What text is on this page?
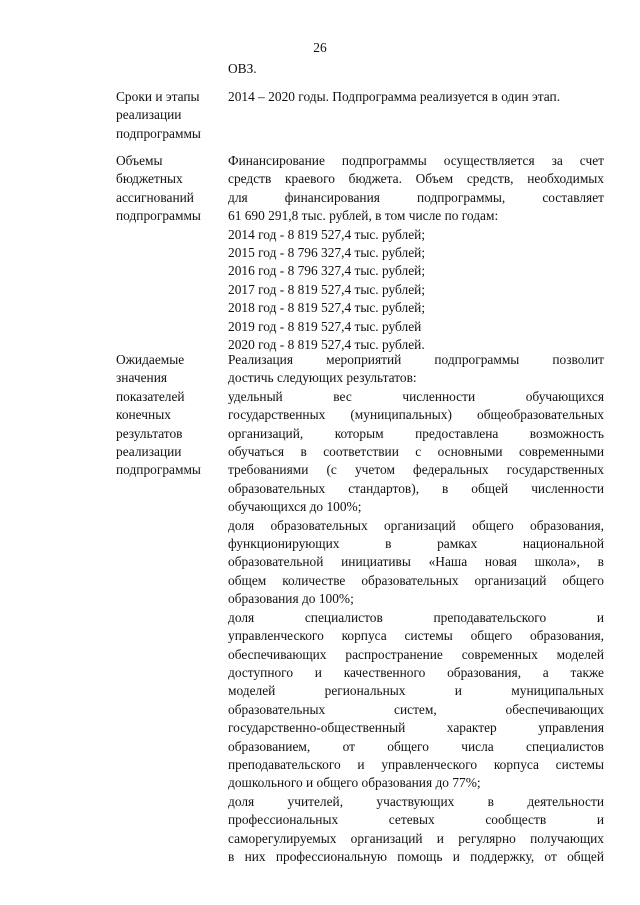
26
ОВЗ.
Сроки и этапы
реализации
подпрограммы
2014 – 2020 годы. Подпрограмма реализуется в один этап.
Объемы
бюджетных
ассигнований
подпрограммы
Финансирование подпрограммы осуществляется за счет
средств краевого бюджета. Объем средств, необходимых
для финансирования подпрограммы, составляет
61 690 291,8 тыс. рублей, в том числе по годам:
2014 год - 8 819 527,4 тыс. рублей;
2015 год - 8 796 327,4 тыс. рублей;
2016 год - 8 796 327,4 тыс. рублей;
2017 год - 8 819 527,4 тыс. рублей;
2018 год - 8 819 527,4 тыс. рублей;
2019 год - 8 819 527,4 тыс. рублей
2020 год - 8 819 527,4 тыс. рублей.
Ожидаемые
значения
показателей
конечных
результатов
реализации
подпрограммы
Реализация мероприятий подпрограммы позволит
достичь следующих результатов:
удельный вес численности обучающихся
государственных (муниципальных) общеобразовательных
организаций, которым предоставлена возможность
обучаться в соответствии с основными современными
требованиями (с учетом федеральных государственных
образовательных стандартов), в общей численности
обучающихся до 100%;
доля образовательных организаций общего образования,
функционирующих в рамках национальной
образовательной инициативы «Наша новая школа», в
общем количестве образовательных организаций общего
образования до 100%;
доля специалистов преподавательского и
управленческого корпуса системы общего образования,
обеспечивающих распространение современных моделей
доступного и качественного образования, а также
моделей региональных и муниципальных
образовательных систем, обеспечивающих
государственно-общественный характер управления
образованием, от общего числа специалистов
преподавательского и управленческого корпуса системы
дошкольного и общего образования до 77%;
доля учителей, участвующих в деятельности
профессиональных сетевых сообществ и
саморегулируемых организаций и регулярно получающих
в них профессиональную помощь и поддержку, от общей
